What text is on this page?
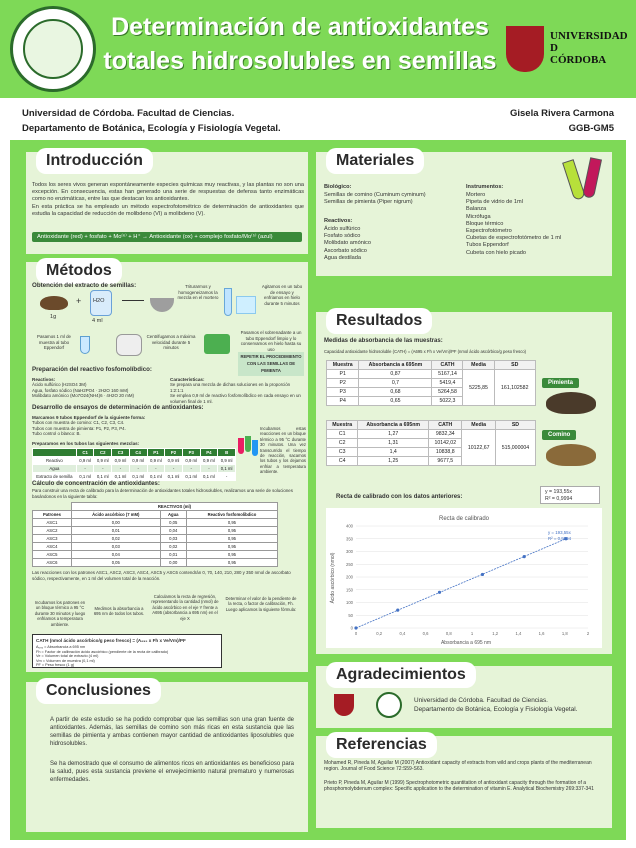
Determinación de antioxidantes
totales hidrosolubles en semillas
UNIVERSIDAD
D
CÓRDOBA
Universidad de Córdoba. Facultad de Ciencias.
Departamento de Botánica, Ecología y Fisiología Vegetal.
Gisela Rivera Carmona
GGB-GM5
Introducción
Todos los seres vivos generan espontáneamente especies químicas muy reactivas, y las plantas no son una excepción. En consecuencia, estas han generado una serie de respuestas de defensa tanto enzimáticas como no enzimáticas, entre las que destacan los antioxidantes.
En esta práctica se ha empleado un método espectrofotométrico de determinación de antioxidantes que estudia la capacidad de reducción de molibdeno (VI) a molibdeno (V).
Antioxidante (red) + fosfato + Mo⁽⁶⁾ + H⁺ → Antioxidante (ox) + complejo fosfato/Mo⁽⁵⁾ (azul)
Materiales
Biológico:
Semillas de comino (Cuminum cyminum)
Semillas de pimienta (Piper nigrum)
Reactivos:
Ácido sulfúrico
Fosfato sódico
Molibdato amónico
Ascorbato sódico
Agua destilada
Instrumentos:
Mortero
Pipeta de vidrio de 1ml
Balanza
Micrófuga
Bloque térmico
Espectrofotómetro
Cubetas de espectrofotómetro de 1 ml
Tubos Eppendorf
Cubeta con hielo picado
Métodos
Obtención del extracto de semillas:
1g
+ H2O
4 ml
Triturarmos y homogeneizamos la mezcla en el mortero
Agitamos en un tubo de ensayo y enfriamos en hielo durante 5 minutos
Pasamos 1 ml de muestra al tubo Eppendorf
Centrifugamos a máxima velocidad durante 5 minutos
Pasamos el sobrenadante a un tubo Eppendorf limpio y lo conservamos en hielo hasta su uso
REPETIR EL PROCEDIMIENTO CON LAS SEMILLAS DE PIMIENTA
Preparación del reactivo fosfomolíbdico:
Reactivos:
Ácido sulfúrico (H2SO4 3M)
Agua, fosfato sódico (NaH2PO4 · 2H2O 160 mM)
Molibdato amónico (Mo7O24(NH4)6 · 4H2O 20 mM)
Características:
Se prepara una mezcla de dichas soluciones en la proporción 1:2:1:1
Se emplea 0,9 ml de reactivo fosfomolíbdico en cada ensayo en un volumen final de 1 ml.
Desarrollo de ensayos de determinación de antioxidantes:
Marcamos 9 tubos Eppendorf de la siguiente forma:
Tubos con muestra de comino: C1, C2, C3, C4.
Tubos con muestra de pimienta: P1, P2, P3, P4.
Tubo control o blanco: B.
Preparamos en los tubos las siguientes mezclas:
	C1	C2	C3	C4	P1	P2	P3	P4	B
Reactivo	0,9 ml	0,9 ml	0,9 ml	0,9 ml	0,9 ml	0,9 ml	0,9 ml	0,9 ml	0,9 ml
Agua	-	-	-	-	-	-	-	-	0,1 ml
Extracto de semilla	0,1 ml	0,1 ml	0,1 ml	0,1 ml	0,1 ml	0,1 ml	0,1 ml	0,1 ml	-
Incubamos estas reacciones en un bloque térmico a 95 °C durante 30 minutos. Una vez transcurrido el tiempo de reacción, sacamos los tubos y los dejamos enfriar a temperatura ambiente.
Cálculo de concentración de antioxidantes:
Para construir una recta de calibrado para la determinación de antioxidantes totales hidrosolubles, realizamos una serie de soluciones basándonos en la siguiente tabla:
	REACTIVOS (ml)		
Patrones	Ácido ascórbico (7 mM)	Agua	Reactivo fosfomolibdico
ASC1	0,00	0,05	0,95
ASC2	0,01	0,04	0,95
ASC3	0,02	0,03	0,95
ASC4	0,03	0,02	0,95
ASC5	0,04	0,01	0,95
ASC6	0,05	0,00	0,95
Las reacciones con los patrones ASC1, ASC2, ASC3, ASC4, ASC5 y ASC6 contendrán 0, 70, 140, 210, 280 y 350 nmol de ascorbato sódico, respectivamente, en 1 ml del volumen total de la reacción.
Incubamos los patrones en un bloque térmico a 95 °C durante 30 minutos y luego enfriamos a temperatura ambiente.
Medimos la absorbancia a 695 nm de todos los tubos.
Calculamos la recta de regresión, representando la cantidad (nmol) de ácido ascórbico en el eje Y frente a A695 (absorbancia a 695 nm) en el eje X
Determinar el valor de la pendiente de la recta, o factor de calibración, Fh. Luego aplicamos la siguiente fórmula:
CATH (nmol ácido ascórbico/g peso fresco) = (A₆₉₅ x Fh x Ve/Vm)/PF
A₆₉₅ = Absorbancia a 695 nm
Fh = Factor de calibración ácido ascórbico (pendiente de la recta de calibrado)
Ve = Volumen total de extracto (4 ml)
Vm = Volumen de muestra (0,1 ml)
PF = Peso fresco (1 g)
Resultados
Medidas de absorbancia de las muestras:
Capacidad antioxidante hidrosoluble (CATH) = (A695 x Fh x Ve/Vm)/PF (nmol ácido ascórbico/g peso fresco)
Muestra	Absorbancia a 695nm	CATH	Media	SD
P1	0,87	5167,14	5225,85	161,102582
P2	0,7	5419,4		
P3	0,68	5264,58		
P4	0,65	5022,3		
Pimienta
Muestra	Absorbancia a 695nm	CATH	Media	SD
C1	1,27	9832,34	10122,67	515,000004
C2	1,31	10142,02		
C3	1,4	10838,8		
C4	1,25	9677,5		
Comino
Recta de calibrado con los datos anteriores:
y = 193,55x
R² = 0,9994
Recta de calibrado
Absorbancia a 695 nm
Ácido ascórbico (nmol)
0
50
100
150
200
250
300
350
400
0	0,2	0,4	0,6	0,8	1	1,2	1,4	1,6	1,8	2
y = 193,55x
R² = 0,9994
Conclusiones
A partir de este estudio se ha podido comprobar que las semillas son una gran fuente de antioxidantes. Además, las semillas de comino son más ricas en esta sustancia que las semillas de pimienta y ambas contienen mayor cantidad de antioxidantes liposolubles que hidrosolubles.
Se ha demostrado que el consumo de alimentos ricos en antioxidantes es beneficioso para la salud, pues esta sustancia previene el envejecimiento natural prematuro y numerosas enfermedades.
Agradecimientos
Universidad de Córdoba. Facultad de Ciencias.
Departamento de Botánica, Ecología y Fisiología Vegetal.
Referencias
Mohamed R, Pineda M, Aguilar M (2007) Antioxidant capacity of extracts from wild and crops plants of the mediterranean region. Journal of Food Science 72:S59-S63.
Prieto P, Pineda M, Aguilar M (1999) Spectrophotometric quantitation of antioxidant capacity through the formation of a phosphomolybdenum complex: Specific application to the determination of vitamin E. Analytical Biochemistry 269:337-341
